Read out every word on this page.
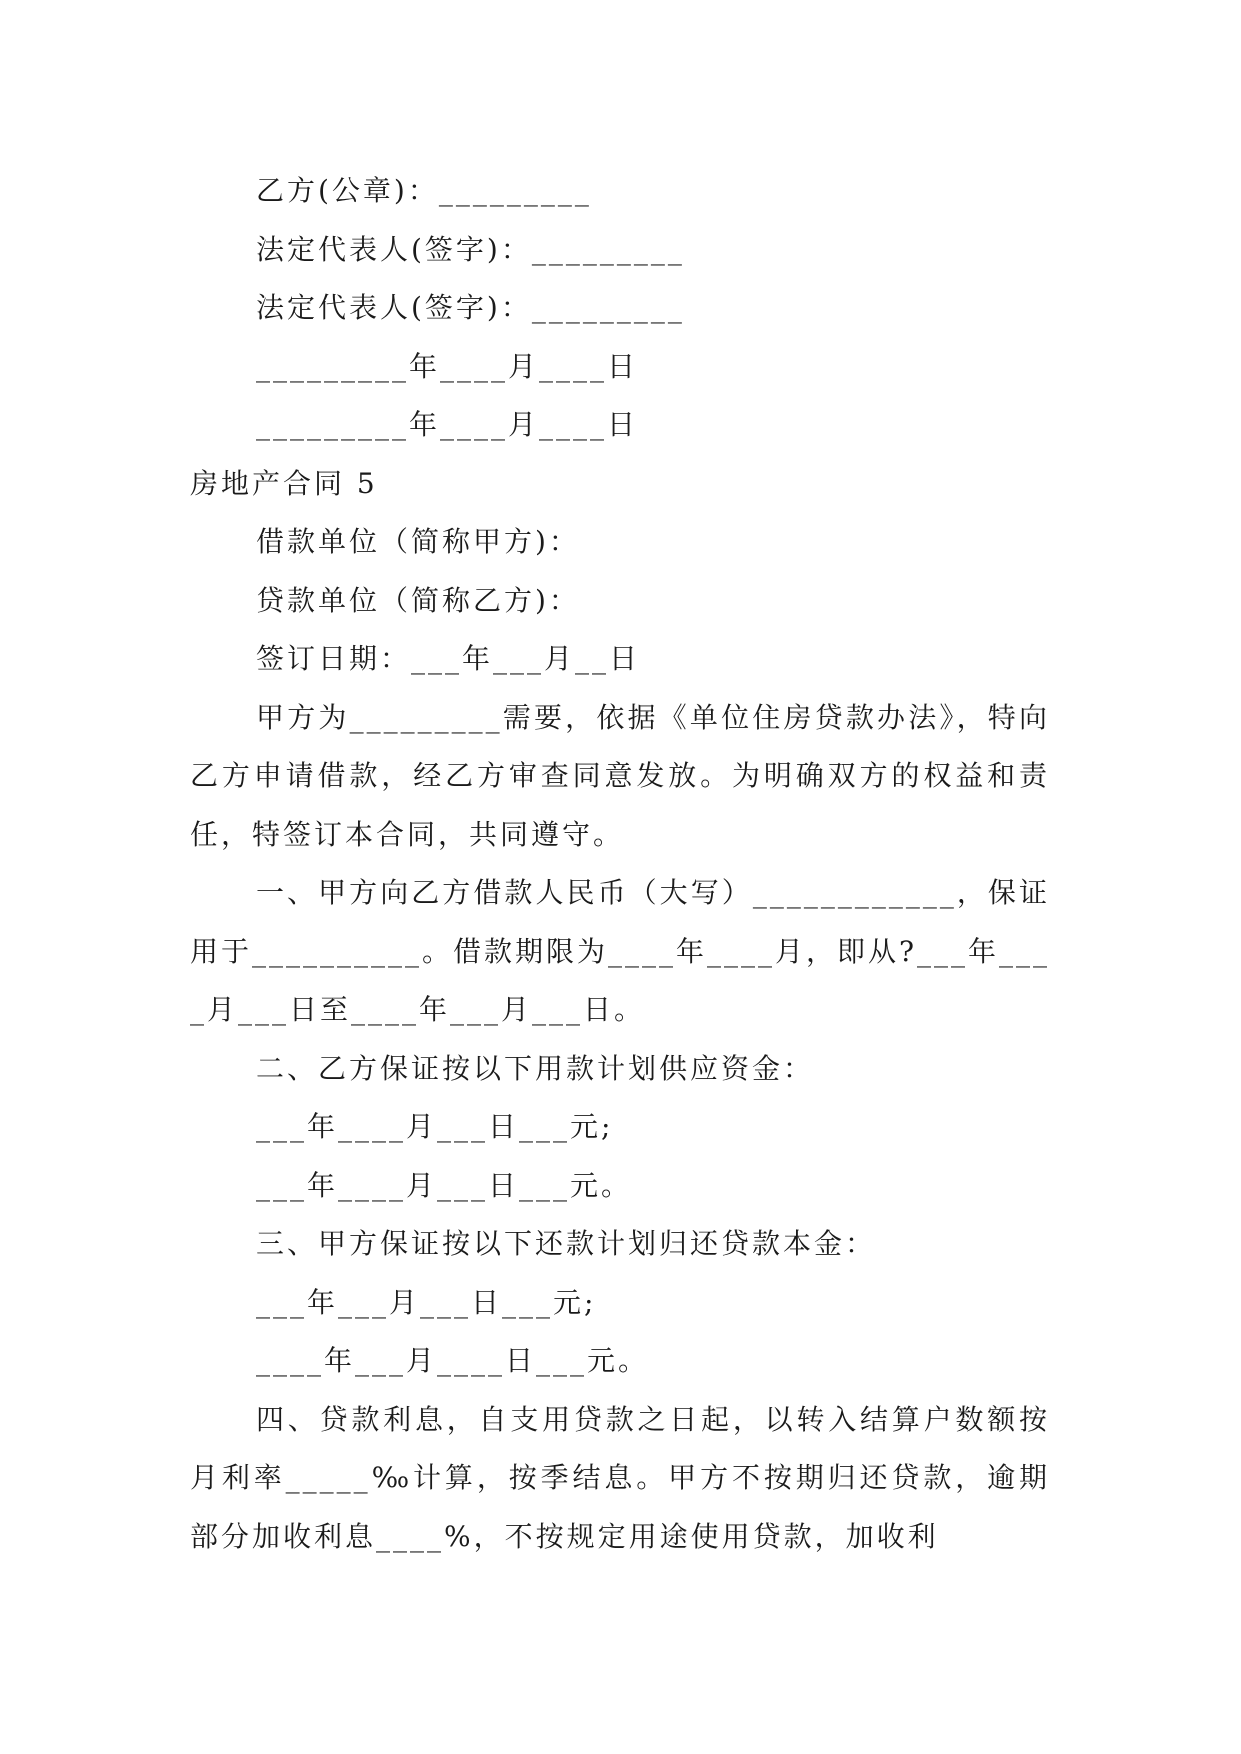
乙方(公章)：_________
法定代表人(签字)：_________
法定代表人(签字)：_________
_________年____月____日
_________年____月____日
房地产合同 5
借款单位（简称甲方)：
贷款单位（简称乙方)：
签订日期：___年___月__日
甲方为_________需要，依据《单位住房贷款办法》，特向乙方申请借款，经乙方审查同意发放。为明确双方的权益和责任，特签订本合同，共同遵守。
一、甲方向乙方借款人民币（大写）____________，保证用于__________。借款期限为____年____月，即从?___年____月___日至____年___月___日。
二、乙方保证按以下用款计划供应资金：
___年____月___日___元;
___年____月___日___元。
三、甲方保证按以下还款计划归还贷款本金：
___年___月___日___元;
____年___月____日___元。
四、贷款利息，自支用贷款之日起，以转入结算户数额按月利率_____‰计算，按季结息。甲方不按期归还贷款，逾期部分加收利息____%，不按规定用途使用贷款，加收利
